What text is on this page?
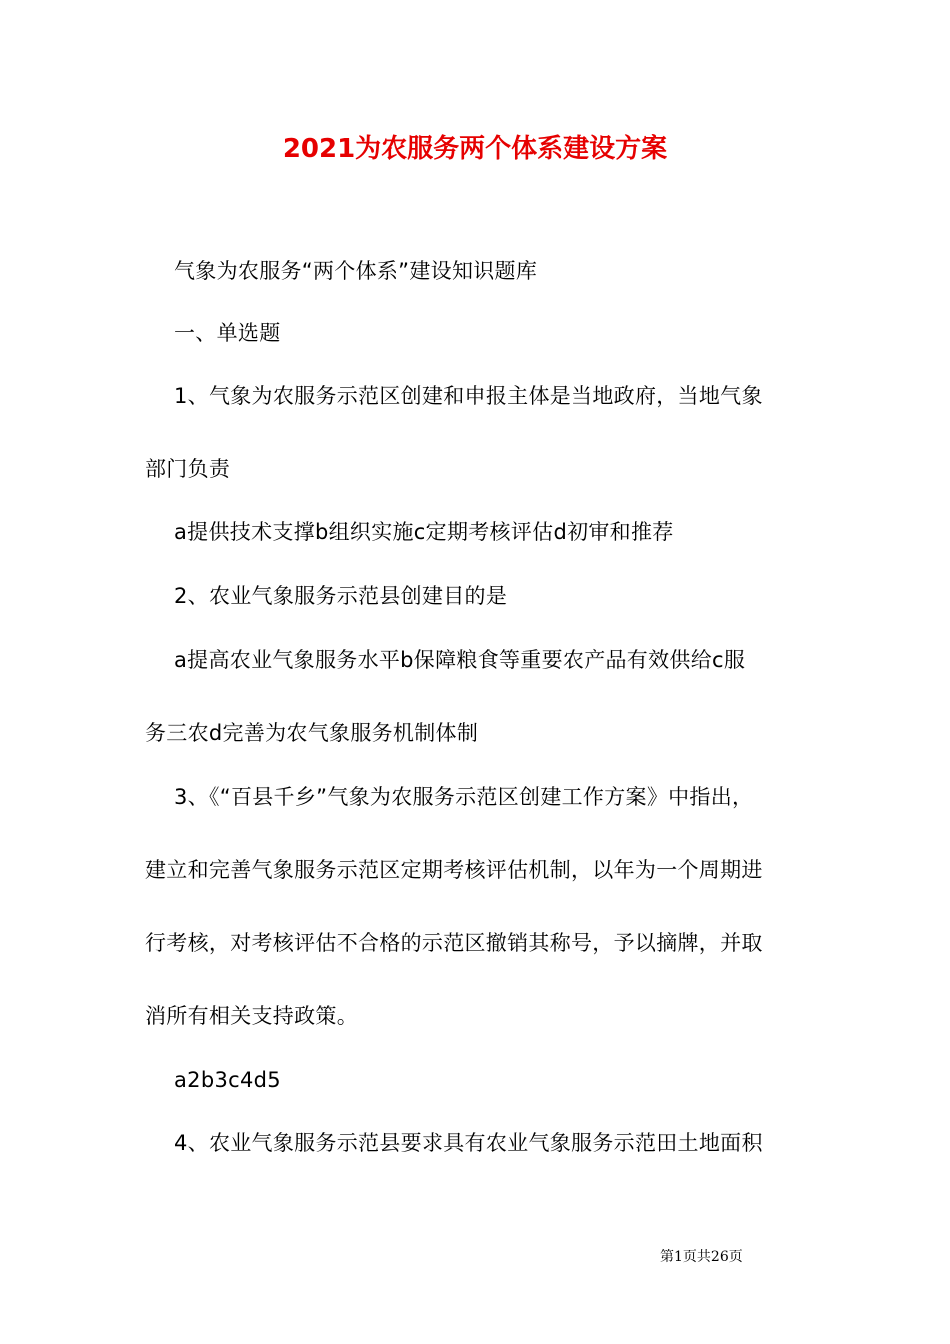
2021为农服务两个体系建设方案
气象为农服务“两个体系”建设知识题库
一、单选题
1、气象为农服务示范区创建和申报主体是当地政府，当地气象
部门负责
a提供技术支撑b组织实施c定期考核评估d初审和推荐
2、农业气象服务示范县创建目的是
a提高农业气象服务水平b保障粮食等重要农产品有效供给c服
务三农d完善为农气象服务机制体制
3、《“百县千乡”气象为农服务示范区创建工作方案》中指出，
建立和完善气象服务示范区定期考核评估机制，以年为一个周期进
行考核，对考核评估不合格的示范区撤销其称号，予以摘牌，并取
消所有相关支持政策。
a2b3c4d5
4、农业气象服务示范县要求具有农业气象服务示范田土地面积
第1页共26页
